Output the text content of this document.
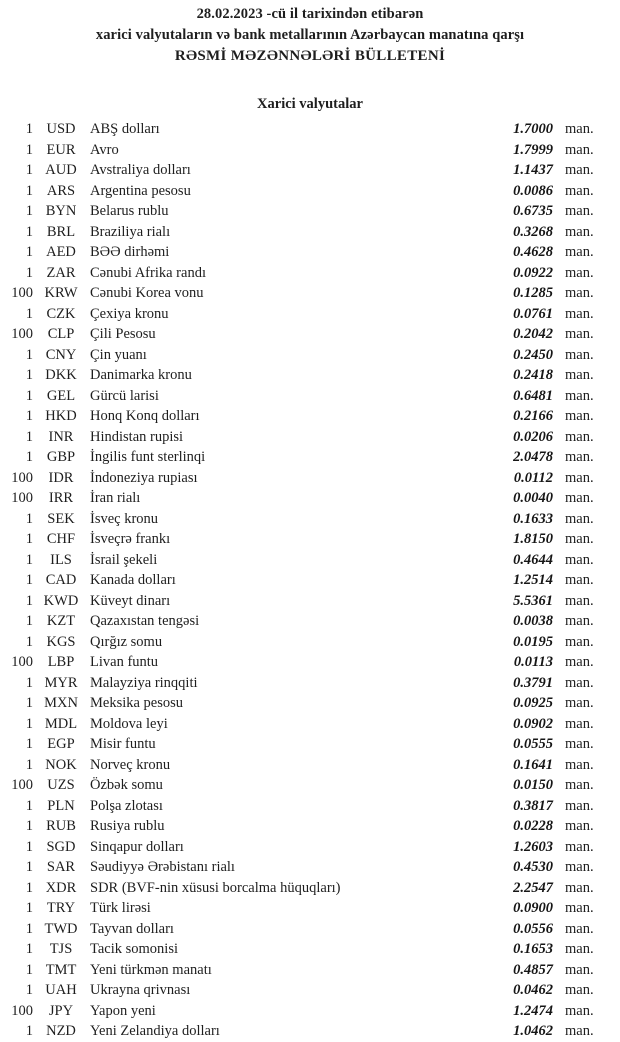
28.02.2023 -cü il tarixindən etibarən
xarici valyutaların və bank metallarının Azərbaycan manatına qarşı
RƏSMİ MƏZƏNNƏLƏRİ BÜLLETENİ
Xarici valyutalar
1 USD	ABŞ dolları	1.7000 man.
1 EUR	Avro	1.7999 man.
1 AUD Avstraliya dolları	1.1437 man.
1 ARS	Argentina pesosu	0.0086 man.
1 BYN Belarus rublu	0.6735 man.
1 BRL	Braziliya rialı	0.3268 man.
1 AED BƏƏ dirhəmi	0.4628 man.
1 ZAR	Cənubi Afrika randı	0.0922 man.
100 KRW Cənubi Korea vonu	0.1285 man.
1 CZK	Çexiya kronu	0.0761 man.
100	CLP	Çili Pesosu	0.2042 man.
1 CNY Çin yuanı	0.2450 man.
1 DKK Danimarka kronu	0.2418 man.
1 GEL	Gürcü larisi	0.6481 man.
1 HKD Honq Konq dolları	0.2166 man.
1	INR	Hindistan rupisi	0.0206 man.
1 GBP	İngilis funt sterlinqi	2.0478 man.
100	IDR	İndoneziya rupiası	0.0112 man.
100	IRR	İran rialı	0.0040 man.
1 SEK	İsveç kronu	0.1633 man.
1 CHF	İsveçrə frankı	1.8150 man.
1	ILS	İsrail şekeli	0.4644 man.
1 CAD Kanada dolları	1.2514 man.
1 KWD Küveyt dinarı	5.5361 man.
1 KZT	Qazaxıstan tengəsi	0.0038 man.
1 KGS	Qırğız somu	0.0195 man.
100	LBP	Livan funtu	0.0113 man.
1 MYR Malayziya rinqqiti	0.3791 man.
1 MXN Meksika pesosu	0.0925 man.
1 MDL Moldova leyi	0.0902 man.
1 EGP	Misir funtu	0.0555 man.
1 NOK Norveç kronu	0.1641 man.
100 UZS	Özbək somu	0.0150 man.
1 PLN	Polşa zlotası	0.3817 man.
1 RUB Rusiya rublu	0.0228 man.
1 SGD	Sinqapur dolları	1.2603 man.
1 SAR	Səudiyyə Ərəbistanı rialı	0.4530 man.
1 XDR SDR (BVF-nin xüsusi borcalma hüquqları)	2.2547 man.
1 TRY	Türk lirəsi	0.0900 man.
1 TWD Tayvan dolları	0.0556 man.
1	TJS	Tacik somonisi	0.1653 man.
1 TMT Yeni türkmən manatı	0.4857 man.
1 UAH Ukrayna qrivnası	0.0462 man.
100	JPY	Yapon yeni	1.2474 man.
1 NZD Yeni Zelandiya dolları	1.0462 man.
